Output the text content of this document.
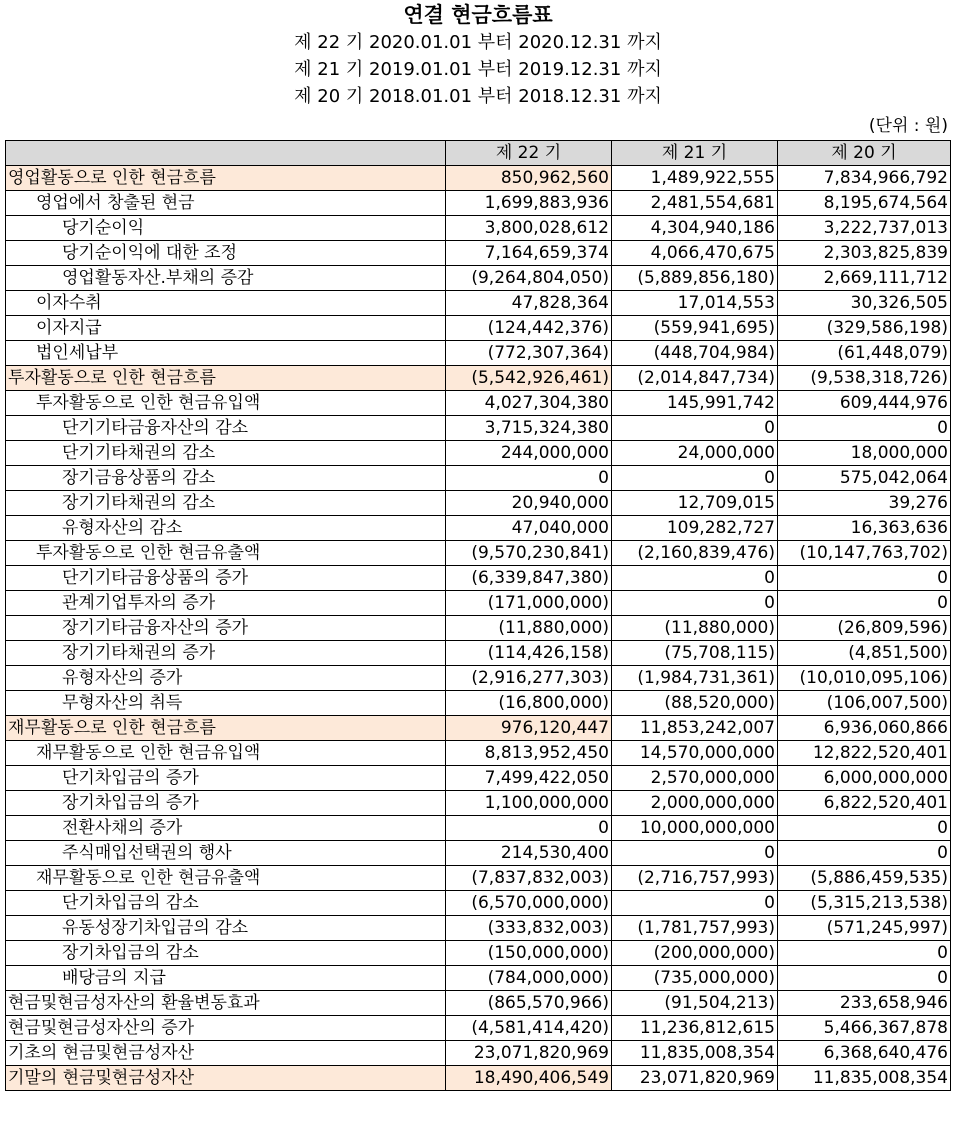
연결 현금흐름표
제 22 기 2020.01.01 부터 2020.12.31 까지
제 21 기 2019.01.01 부터 2019.12.31 까지
제 20 기 2018.01.01 부터 2018.12.31 까지
(단위 : 원)
	제 22 기	제 21 기	제 20 기
영업활동으로 인한 현금흐름	850,962,560	1,489,922,555	7,834,966,792
영업에서 창출된 현금	1,699,883,936	2,481,554,681	8,195,674,564
당기순이익	3,800,028,612	4,304,940,186	3,222,737,013
당기순이익에 대한 조정	7,164,659,374	4,066,470,675	2,303,825,839
영업활동자산.부채의 증감	(9,264,804,050)	(5,889,856,180)	2,669,111,712
이자수취	47,828,364	17,014,553	30,326,505
이자지급	(124,442,376)	(559,941,695)	(329,586,198)
법인세납부	(772,307,364)	(448,704,984)	(61,448,079)
투자활동으로 인한 현금흐름	(5,542,926,461)	(2,014,847,734)	(9,538,318,726)
투자활동으로 인한 현금유입액	4,027,304,380	145,991,742	609,444,976
단기기타금융자산의 감소	3,715,324,380	0	0
단기기타채권의 감소	244,000,000	24,000,000	18,000,000
장기금융상품의 감소	0	0	575,042,064
장기기타채권의 감소	20,940,000	12,709,015	39,276
유형자산의 감소	47,040,000	109,282,727	16,363,636
투자활동으로 인한 현금유출액	(9,570,230,841)	(2,160,839,476)	(10,147,763,702)
단기기타금융상품의 증가	(6,339,847,380)	0	0
관계기업투자의 증가	(171,000,000)	0	0
장기기타금융자산의 증가	(11,880,000)	(11,880,000)	(26,809,596)
장기기타채권의 증가	(114,426,158)	(75,708,115)	(4,851,500)
유형자산의 증가	(2,916,277,303)	(1,984,731,361)	(10,010,095,106)
무형자산의 취득	(16,800,000)	(88,520,000)	(106,007,500)
재무활동으로 인한 현금흐름	976,120,447	11,853,242,007	6,936,060,866
재무활동으로 인한 현금유입액	8,813,952,450	14,570,000,000	12,822,520,401
단기차입금의 증가	7,499,422,050	2,570,000,000	6,000,000,000
장기차입금의 증가	1,100,000,000	2,000,000,000	6,822,520,401
전환사채의 증가	0	10,000,000,000	0
주식매입선택권의 행사	214,530,400	0	0
재무활동으로 인한 현금유출액	(7,837,832,003)	(2,716,757,993)	(5,886,459,535)
단기차입금의 감소	(6,570,000,000)	0	(5,315,213,538)
유동성장기차입금의 감소	(333,832,003)	(1,781,757,993)	(571,245,997)
장기차입금의 감소	(150,000,000)	(200,000,000)	0
배당금의 지급	(784,000,000)	(735,000,000)	0
현금및현금성자산의 환율변동효과	(865,570,966)	(91,504,213)	233,658,946
현금및현금성자산의 증가	(4,581,414,420)	11,236,812,615	5,466,367,878
기초의 현금및현금성자산	23,071,820,969	11,835,008,354	6,368,640,476
기말의 현금및현금성자산	18,490,406,549	23,071,820,969	11,835,008,354
